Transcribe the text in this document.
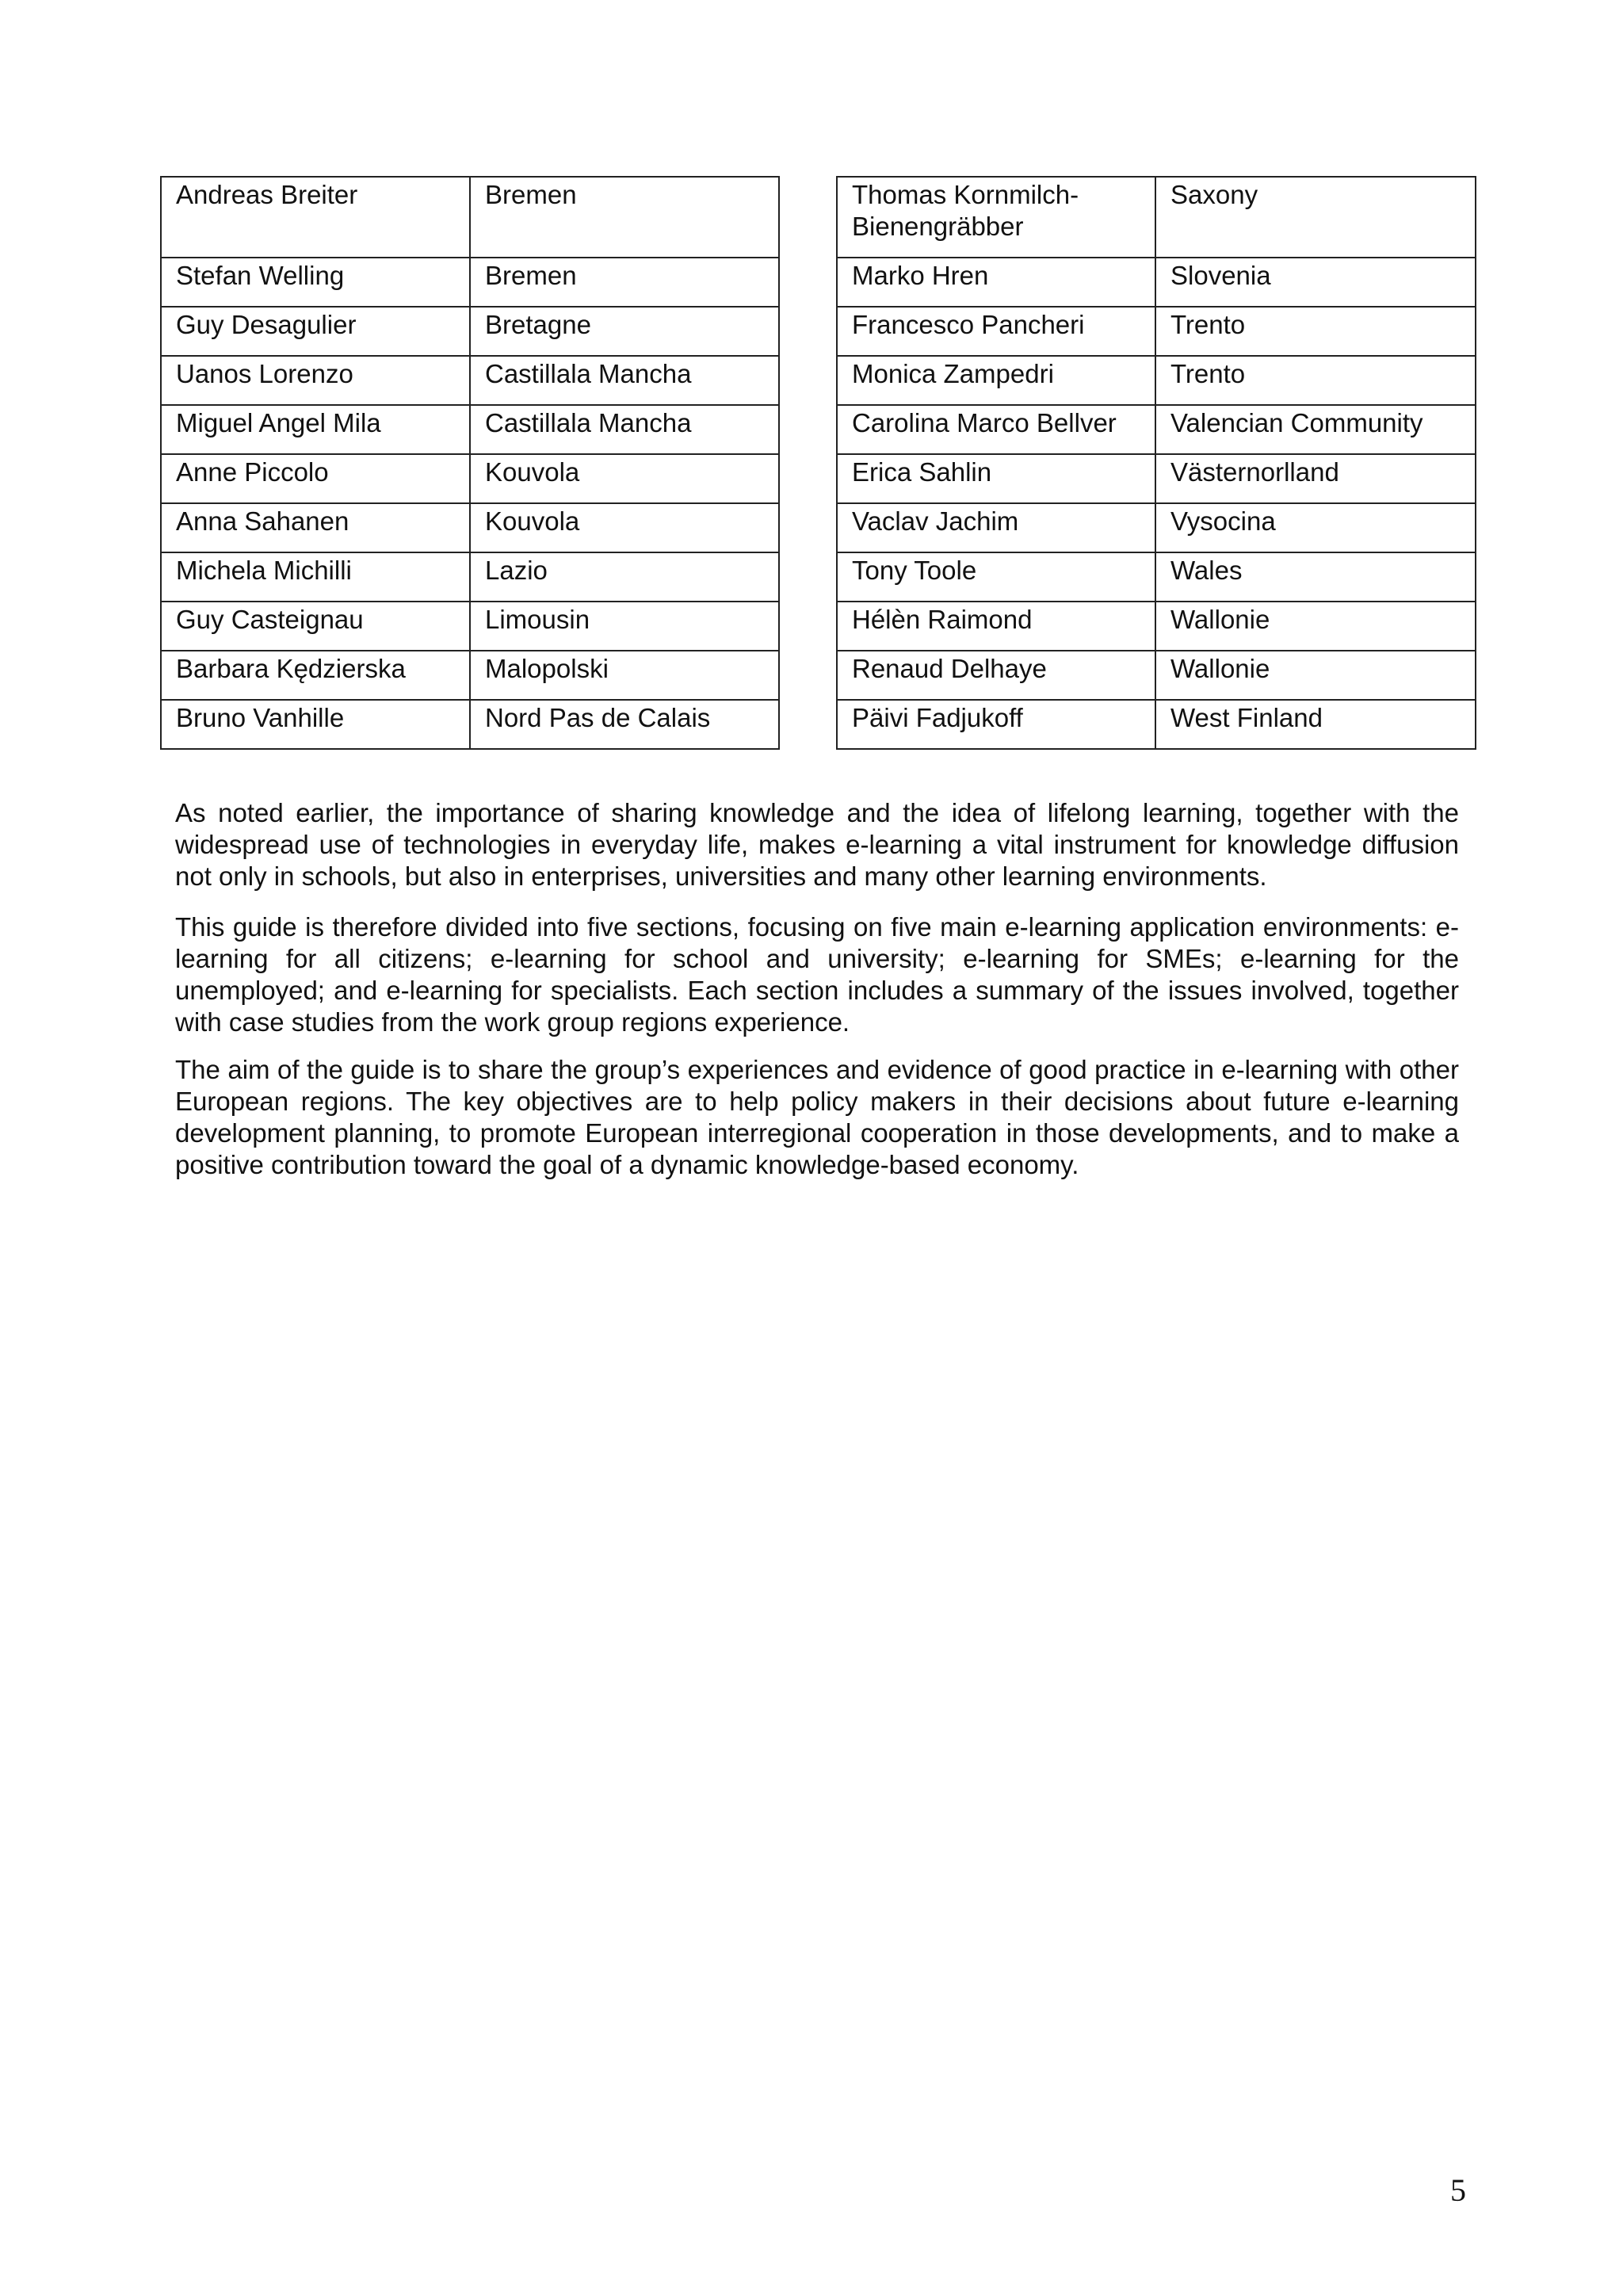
Andreas Breiter	Bremen
Stefan Welling	Bremen
Guy Desagulier	Bretagne
Uanos Lorenzo	Castillala Mancha
Miguel Angel Mila	Castillala Mancha
Anne Piccolo	Kouvola
Anna Sahanen	Kouvola
Michela Michilli	Lazio
Guy Casteignau	Limousin
Barbara Kędzierska	Malopolski
Bruno Vanhille	Nord Pas de Calais
Thomas Kornmilch-Bienengräbber	Saxony
Marko Hren	Slovenia
Francesco Pancheri	Trento
Monica Zampedri	Trento
Carolina Marco Bellver	Valencian Community
Erica Sahlin	Västernorlland
Vaclav Jachim	Vysocina
Tony Toole	Wales
Hélèn Raimond	Wallonie
Renaud Delhaye	Wallonie
Päivi Fadjukoff	West Finland

As noted earlier, the importance of sharing knowledge and the idea of lifelong learning, together with the widespread use of technologies in everyday life, makes e-learning a vital instrument for knowledge diffusion not only in schools, but also in enterprises, universities and many other learning environments.

This guide is therefore divided into five sections, focusing on five main e-learning application environments: e-learning for all citizens; e-learning for school and university; e-learning for SMEs; e-learning for the unemployed; and e-learning for specialists. Each section includes a summary of the issues involved, together with case studies from the work group regions experience.

The aim of the guide is to share the group’s experiences and evidence of good practice in e-learning with other European regions. The key objectives are to help policy makers in their decisions about future e-learning development planning, to promote European interregional cooperation in those developments, and to make a positive contribution toward the goal of a dynamic knowledge-based economy.

5
